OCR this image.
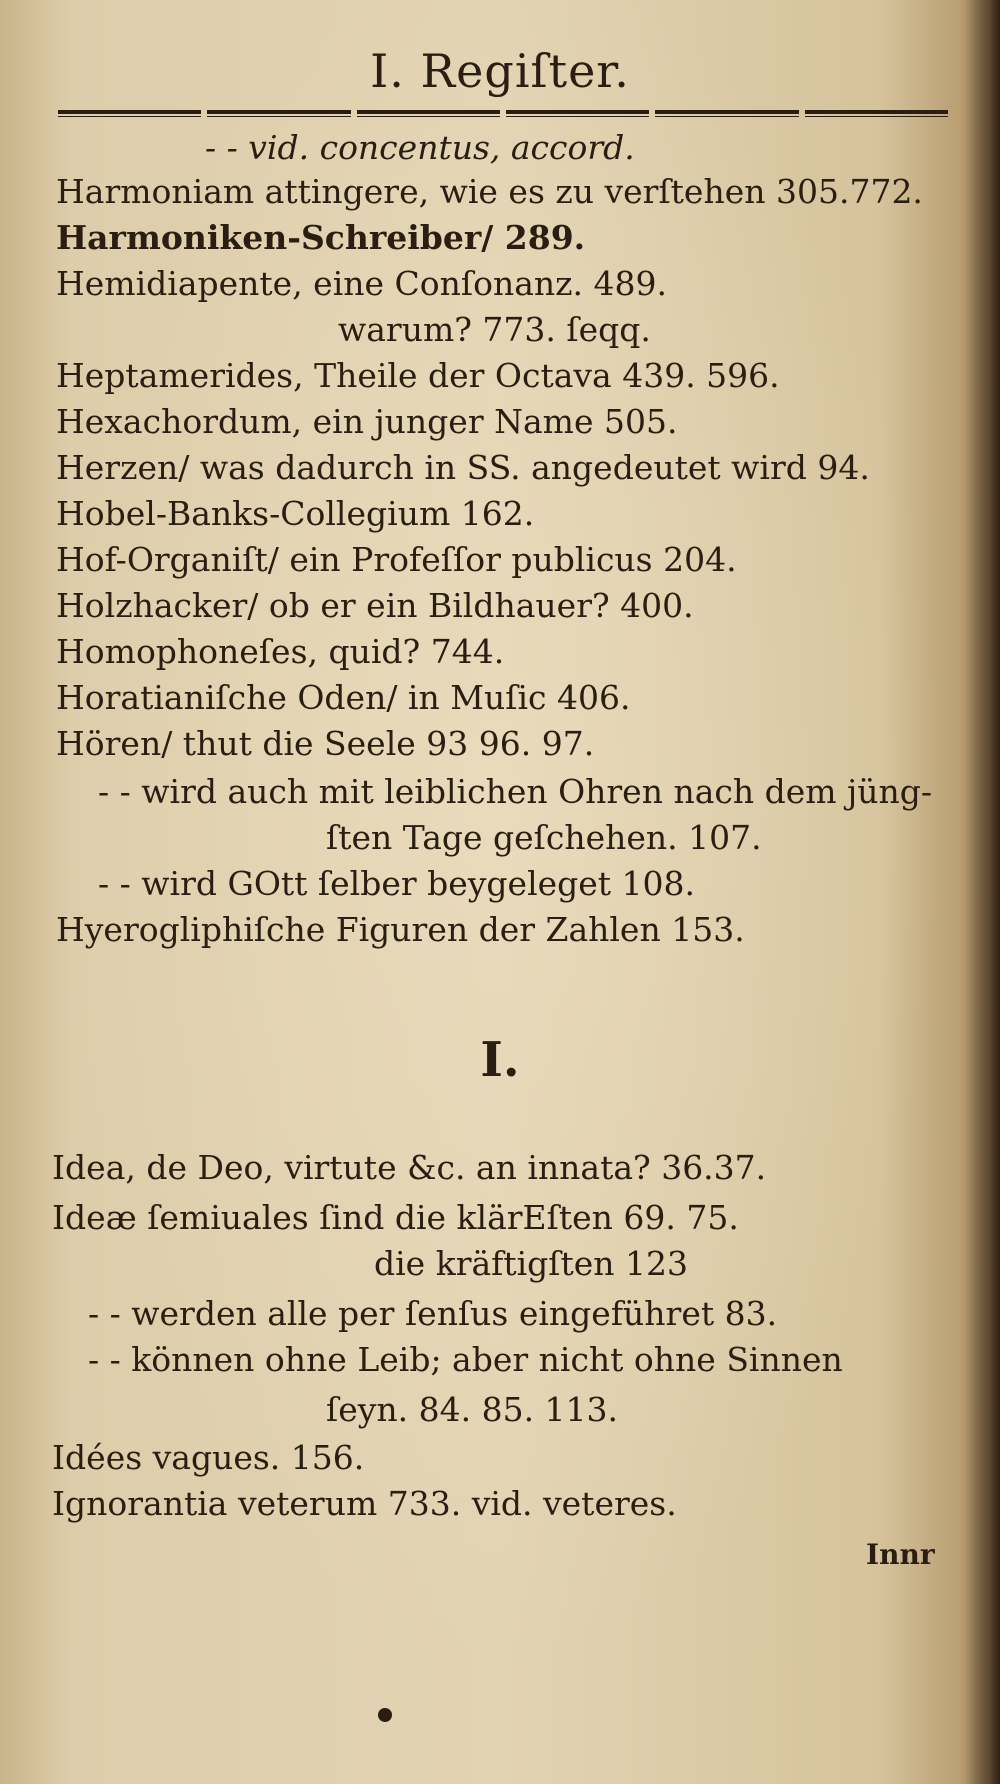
I. Regiſter.
- - vid. concentus, accord.
Harmoniam attingere, wie es zu verſtehen 305.772.
Harmoniken-Schreiber/ 289.
Hemidiapente, eine Conſonanz. 489.
warum? 773. ſeqq.
Heptamerides, Theile der Octava 439. 596.
Hexachordum, ein junger Name 505.
Herzen/ was dadurch in SS. angedeutet wird 94.
Hobel-Banks-Collegium 162.
Hof-Organiſt/ ein Profeſſor publicus 204.
Holzhacker/ ob er ein Bildhauer? 400.
Homophoneſes, quid? 744.
Horatianiſche Oden/ in Muſic 406.
Hören/ thut die Seele 93 96. 97.
- - wird auch mit leiblichen Ohren nach dem jüng-
ſten Tage geſchehen. 107.
- - wird GOtt ſelber beygeleget 108.
Hyerogliphiſche Figuren der Zahlen 153.
I.
Idea, de Deo, virtute &c. an innata? 36.37.
Ideæ ſemiuales ſind die klärEſten 69. 75.
die kräftigſten 123
- - werden alle per ſenſus eingeführet 83.
- - können ohne Leib; aber nicht ohne Sinnen
ſeyn. 84. 85. 113.
Idées vagues. 156.
Ignorantia veterum 733. vid. veteres.
Innr
